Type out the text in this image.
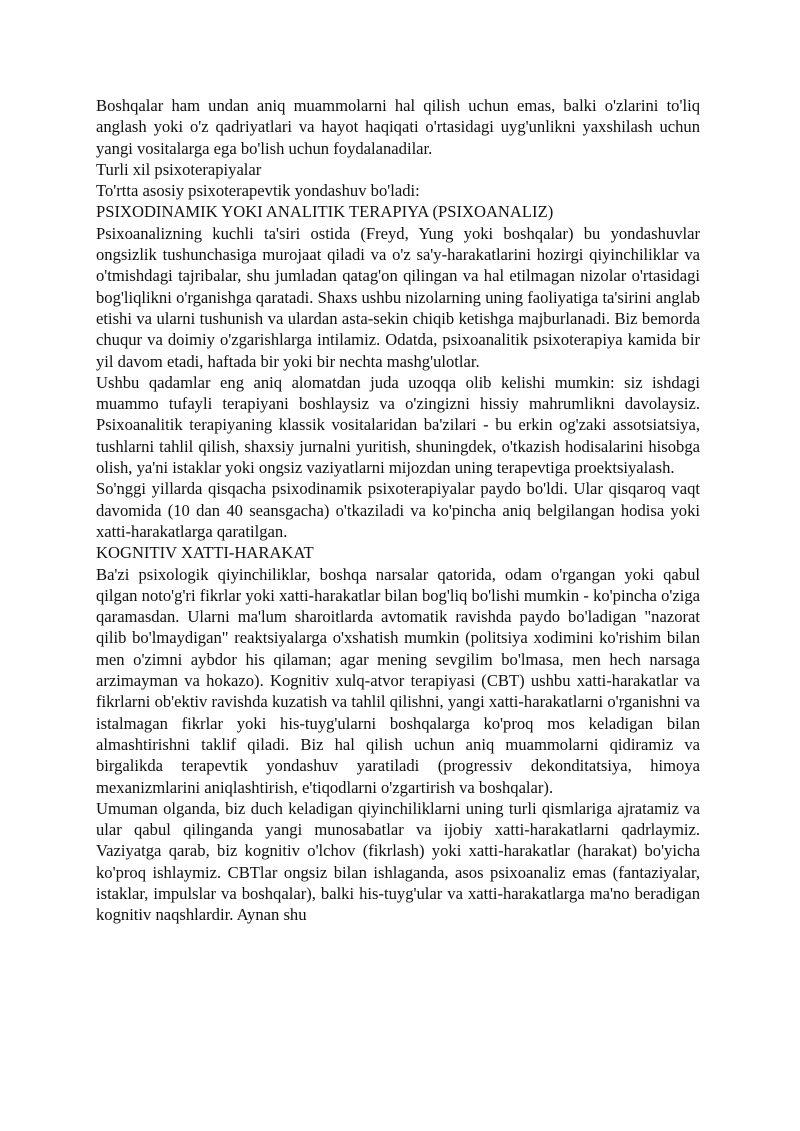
Boshqalar ham undan aniq muammolarni hal qilish uchun emas, balki o'zlarini to'liq anglash yoki o'z qadriyatlari va hayot haqiqati o'rtasidagi uyg'unlikni yaxshilash uchun yangi vositalarga ega bo'lish uchun foydalanadilar.

Turli xil psixoterapiyalar

To'rtta asosiy psixoterapevtik yondashuv bo'ladi:

PSIXODINAMIK YOKI ANALITIK TERAPIYA (PSIXOANALIZ)

Psixoanalizning kuchli ta'siri ostida (Freyd, Yung yoki boshqalar) bu yondashuvlar ongsizlik tushunchasiga murojaat qiladi va o'z sa'y-harakatlarini hozirgi qiyinchiliklar va o'tmishdagi tajribalar, shu jumladan qatag'on qilingan va hal etilmagan nizolar o'rtasidagi bog'liqlikni o'rganishga qaratadi. Shaxs ushbu nizolarning uning faoliyatiga ta'sirini anglab etishi va ularni tushunish va ulardan asta-sekin chiqib ketishga majburlanadi. Biz bemorda chuqur va doimiy o'zgarishlarga intilamiz. Odatda, psixoanalitik psixoterapiya kamida bir yil davom etadi, haftada bir yoki bir nechta mashg'ulotlar.

Ushbu qadamlar eng aniq alomatdan juda uzoqqa olib kelishi mumkin: siz ishdagi muammo tufayli terapiyani boshlaysiz va o'zingizni hissiy mahrumlikni davolaysiz. Psixoanalitik terapiyaning klassik vositalaridan ba'zilari - bu erkin og'zaki assotsiatsiya, tushlarni tahlil qilish, shaxsiy jurnalni yuritish, shuningdek, o'tkazish hodisalarini hisobga olish, ya'ni istaklar yoki ongsiz vaziyatlarni mijozdan uning terapevtiga proektsiyalash.

So'nggi yillarda qisqacha psixodinamik psixoterapiyalar paydo bo'ldi. Ular qisqaroq vaqt davomida (10 dan 40 seansgacha) o'tkaziladi va ko'pincha aniq belgilangan hodisa yoki xatti-harakatlarga qaratilgan.

KOGNITIV XATTI-HARAKAT

Ba'zi psixologik qiyinchiliklar, boshqa narsalar qatorida, odam o'rgangan yoki qabul qilgan noto'g'ri fikrlar yoki xatti-harakatlar bilan bog'liq bo'lishi mumkin - ko'pincha o'ziga qaramasdan. Ularni ma'lum sharoitlarda avtomatik ravishda paydo bo'ladigan "nazorat qilib bo'lmaydigan" reaktsiyalarga o'xshatish mumkin (politsiya xodimini ko'rishim bilan men o'zimni aybdor his qilaman; agar mening sevgilim bo'lmasa, men hech narsaga arzimayman va hokazo). Kognitiv xulq-atvor terapiyasi (CBT) ushbu xatti-harakatlar va fikrlarni ob'ektiv ravishda kuzatish va tahlil qilishni, yangi xatti-harakatlarni o'rganishni va istalmagan fikrlar yoki his-tuyg'ularni boshqalarga ko'proq mos keladigan bilan almashtirishni taklif qiladi. Biz hal qilish uchun aniq muammolarni qidiramiz va birgalikda terapevtik yondashuv yaratiladi (progressiv dekonditatsiya, himoya mexanizmlarini aniqlashtirish, e'tiqodlarni o'zgartirish va boshqalar).

Umuman olganda, biz duch keladigan qiyinchiliklarni uning turli qismlariga ajratamiz va ular qabul qilinganda yangi munosabatlar va ijobiy xatti-harakatlarni qadrlaymiz. Vaziyatga qarab, biz kognitiv o'lchov (fikrlash) yoki xatti-harakatlar (harakat) bo'yicha ko'proq ishlaymiz. CBTlar ongsiz bilan ishlaganda, asos psixoanaliz emas (fantaziyalar, istaklar, impulslar va boshqalar), balki his-tuyg'ular va xatti-harakatlarga ma'no beradigan kognitiv naqshlardir. Aynan shu
